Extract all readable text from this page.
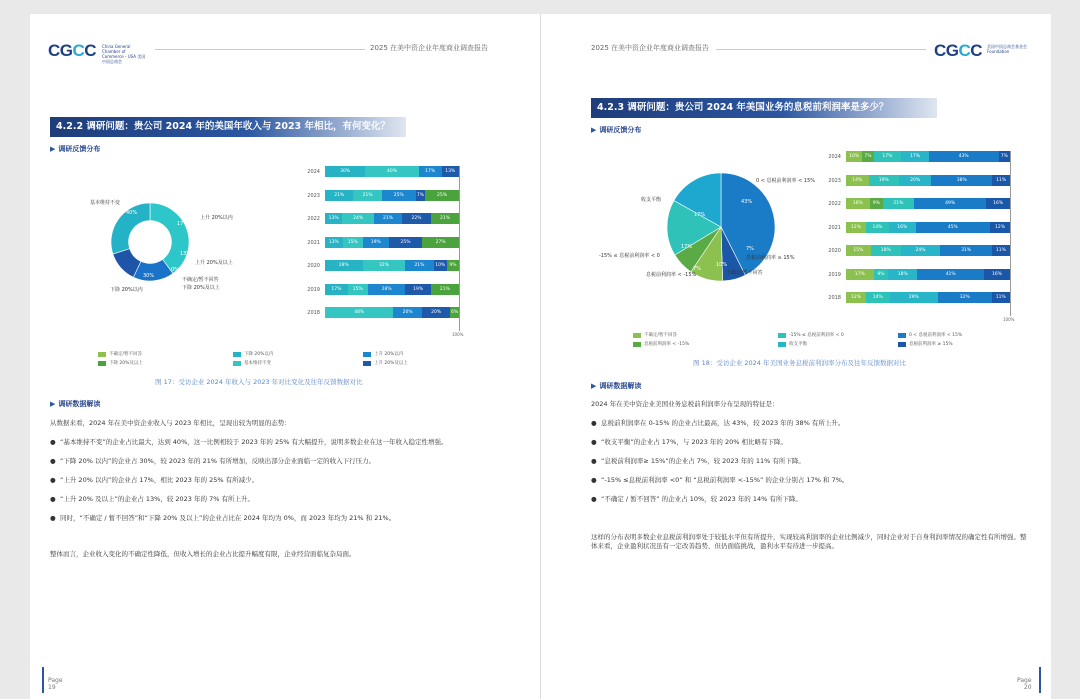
CGCC China General Chamber of Commerce - USA 美国中国总商会
2025 在美中资企业年度商业调查报告
4.2.2 调研问题：贵公司 2024 年的美国年收入与 2023 年相比，有何变化？
▶ 调研反馈分布
基本维持不变
上升 20%以内
上升 20%及以上
不确定/暂不回答
下降 20%及以上
下降 20%以内
40%
17%
13%
0%
30%
2024	30%	40%	17%	13%
2023	21%	21%	25%	7%	25%
2022	13%	24%	21%	22%	21%
2021	13%	15%	19%	25%	27%
2020	28%	32%	21%	10% 9%
2019	17%	15%	28%	19%	21%
2018	48%	20%	20%	6%
100%
不确定/暂不回答
下降 20%及以上
下降 20%以内
基本维持不变
上升 20%以内
上升 20%及以上
图 17：受访企业 2024 年收入与 2023 年对比变化及往年反馈数据对比
▶ 调研数据解读
从数据来看，2024 年在美中资企业收入与 2023 年相比，呈现出较为明显的态势：
● “基本维持不变”的企业占比最大，达到 40%，这一比例相较于 2023 年的 25% 有大幅提升，说明多数企业在这一年收入稳定性增强。
● “下降 20% 以内”的企业占 30%，较 2023 年的 21% 有所增加，反映出部分企业面临一定的收入下行压力。
● “上升 20% 以内”的企业占 17%，相比 2023 年的 25% 有所减少。
● “上升 20% 及以上”的企业占 13%，较 2023 年的 7% 有所上升。
● 同时，“不确定 / 暂不回答”和“下降 20% 及以上”的企业占比在 2024 年均为 0%，而 2023 年均为 21% 和 21%。
整体而言，企业收入变化的不确定性降低，但收入增长的企业占比提升幅度有限，企业经营面临复杂局面。
Page
19
2025 在美中资企业年度商业调查报告	CGCC 美国中国总商会基金会 Foundation
4.2.3 调研问题：贵公司 2024 年美国业务的息税前利润率是多少？
▶ 调研反馈分布
0 < 息税前利润率 < 15%
收支平衡
-15% ≤ 息税前利润率 < 0
息税前利润率 < -15%	不确定/暂不回答
息税前利润率 ≥ 15%
43%
17%
17%
10%
7%
7%
2024	10%	7%	17%	17%	43%	7%
2023	14%	19%	20%	38%	11%
2022	16%	9%	21%	49%	16%
2021	12%	14%	16%	45%	12%
2020	15%	18%	24%	31%	11%
2019	17%	9%	18%	41%	16%
2018	12%	14%	29%	32%	11%
100%
不确定/暂不回答
息税前利润率 < -15%
-15% ≤ 息税前利润率 < 0
收支平衡
0 < 息税前利润率 < 15%
息税前利润率 ≥ 15%
图 18：受访企业 2024 年美国业务息税前利润率分布及往年反馈数据对比
▶ 调研数据解读
2024 年在美中资企业美国业务息税前利润率分布呈现的特征是：
● 息税前利润率在 0-15% 的企业占比最高，达 43%，较 2023 年的 38% 有所上升。
● “收支平衡”的企业占 17%，与 2023 年的 20% 相比略有下降。
● “息税前利润率≥ 15%”的企业占 7%，较 2023 年的 11% 有所下降。
● “-15% ≤息税前利润率 <0” 和 “息税前利润率 <-15%” 的企业分别占 17% 和 7%。
● “不确定 / 暂不回答” 的企业占 10%，较 2023 年的 14% 有所下降。
这样的分布表明多数企业息税前利润率处于较低水平但有所提升，实现较高利润率的企业比例减少，同时企业对于自身利润率情况的确定性有所增强。整体来看，企业盈利状况虽有一定改善趋势，但仍面临挑战，盈利水平有待进一步提高。
Page
20
